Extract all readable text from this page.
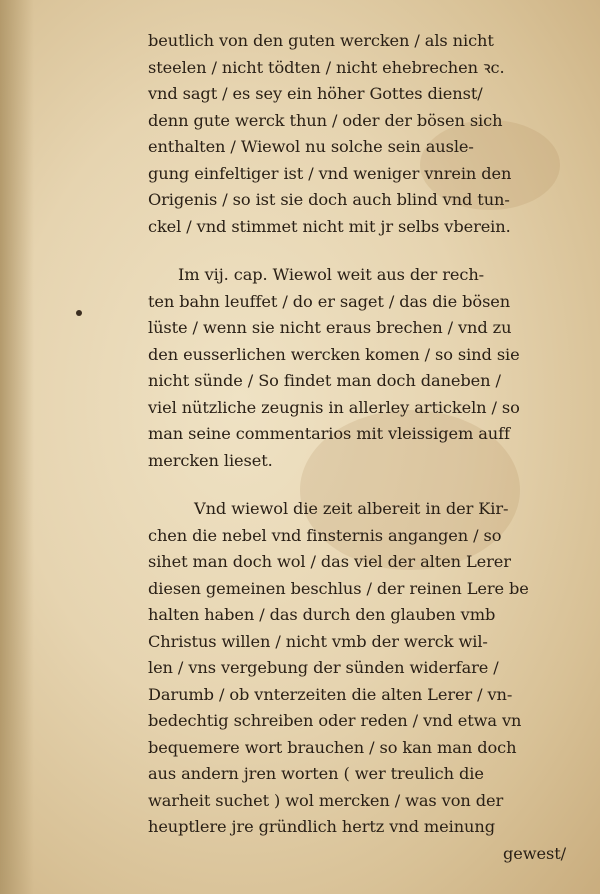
beutlich von den guten wercken / als nicht
steelen / nicht tödten / nicht ehebrechen ꝛc.
vnd sagt / es sey ein höher Gottes dienst/
denn gute werck thun / oder der bösen sich
enthalten / Wiewol nu solche sein ausle-
gung einfeltiger ist / vnd weniger vnrein den
Origenis / so ist sie doch auch blind vnd tun-
ckel / vnd stimmet nicht mit jr selbs vberein.
Im vij. cap. Wiewol weit aus der rech-
ten bahn leuffet / do er saget / das die bösen
lüste / wenn sie nicht eraus brechen / vnd zu
den eusserlichen wercken komen / so sind sie
nicht sünde / So findet man doch daneben /
viel nützliche zeugnis in allerley artickeln / so
man seine commentarios mit vleissigem auff
mercken lieset.
Vnd wiewol die zeit albereit in der Kir-
chen die nebel vnd finsternis angangen / so
sihet man doch wol / das viel der alten Lerer
diesen gemeinen beschlus / der reinen Lere be
halten haben / das durch den glauben vmb
Christus willen / nicht vmb der werck wil-
len / vns vergebung der sünden widerfare /
Darumb / ob vnterzeiten die alten Lerer / vn-
bedechtig schreiben oder reden / vnd etwa vn
bequemere wort brauchen / so kan man doch
aus andern jren worten ( wer treulich die
warheit suchet ) wol mercken / was von der
heuptlere jre gründlich hertz vnd meinung
gewest/
